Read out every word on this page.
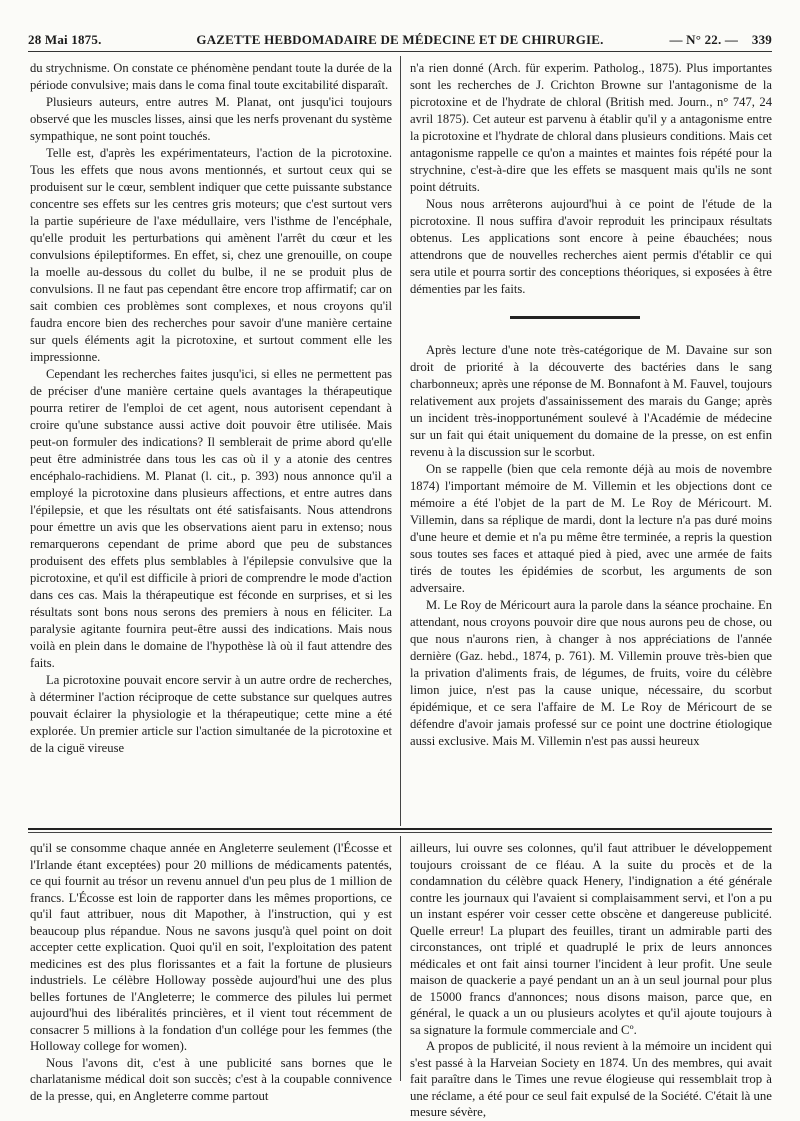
28 Mai 1875.	GAZETTE HEBDOMADAIRE DE MÉDECINE ET DE CHIRURGIE.	— N° 22. — 339

du strychnisme. On constate ce phénomène pendant toute la durée de la période convulsive; mais dans le coma final toute excitabilité disparaît.

Plusieurs auteurs, entre autres M. Planat, ont jusqu'ici toujours observé que les muscles lisses, ainsi que les nerfs provenant du système sympathique, ne sont point touchés.

Telle est, d'après les expérimentateurs, l'action de la picrotoxine. Tous les effets que nous avons mentionnés, et surtout ceux qui se produisent sur le cœur, semblent indiquer que cette puissante substance concentre ses effets sur les centres gris moteurs; que c'est surtout vers la partie supérieure de l'axe médullaire, vers l'isthme de l'encéphale, qu'elle produit les perturbations qui amènent l'arrêt du cœur et les convulsions épileptiformes. En effet, si, chez une grenouille, on coupe la moelle au-dessous du collet du bulbe, il ne se produit plus de convulsions. Il ne faut pas cependant être encore trop affirmatif; car on sait combien ces problèmes sont complexes, et nous croyons qu'il faudra encore bien des recherches pour savoir d'une manière certaine sur quels éléments agit la picrotoxine, et surtout comment elle les impressionne.

Cependant les recherches faites jusqu'ici, si elles ne permettent pas de préciser d'une manière certaine quels avantages la thérapeutique pourra retirer de l'emploi de cet agent, nous autorisent cependant à croire qu'une substance aussi active doit pouvoir être utilisée. Mais peut-on formuler des indications? Il semblerait de prime abord qu'elle peut être administrée dans tous les cas où il y a atonie des centres encéphalo-rachidiens. M. Planat (l. cit., p. 393) nous annonce qu'il a employé la picrotoxine dans plusieurs affections, et entre autres dans l'épilepsie, et que les résultats ont été satisfaisants. Nous attendrons pour émettre un avis que les observations aient paru in extenso; nous remarquerons cependant de prime abord que peu de substances produisent des effets plus semblables à l'épilepsie convulsive que la picrotoxine, et qu'il est difficile à priori de comprendre le mode d'action dans ces cas. Mais la thérapeutique est féconde en surprises, et si les résultats sont bons nous serons des premiers à nous en féliciter. La paralysie agitante fournira peut-être aussi des indications. Mais nous voilà en plein dans le domaine de l'hypothèse là où il faut attendre des faits.

La picrotoxine pouvait encore servir à un autre ordre de recherches, à déterminer l'action réciproque de cette substance sur quelques autres pouvait éclairer la physiologie et la thérapeutique; cette mine a été explorée. Un premier article sur l'action simultanée de la picrotoxine et de la ciguë vireuse

n'a rien donné (Arch. für experim. Patholog., 1875). Plus importantes sont les recherches de J. Crichton Browne sur l'antagonisme de la picrotoxine et de l'hydrate de chloral (British med. Journ., n° 747, 24 avril 1875). Cet auteur est parvenu à établir qu'il y a antagonisme entre la picrotoxine et l'hydrate de chloral dans plusieurs conditions. Mais cet antagonisme rappelle ce qu'on a maintes et maintes fois répété pour la strychnine, c'est-à-dire que les effets se masquent mais qu'ils ne sont point détruits.

Nous nous arrêterons aujourd'hui à ce point de l'étude de la picrotoxine. Il nous suffira d'avoir reproduit les principaux résultats obtenus. Les applications sont encore à peine ébauchées; nous attendrons que de nouvelles recherches aient permis d'établir ce qui sera utile et pourra sortir des conceptions théoriques, si exposées à être démenties par les faits.

Après lecture d'une note très-catégorique de M. Davaine sur son droit de priorité à la découverte des bactéries dans le sang charbonneux; après une réponse de M. Bonnafont à M. Fauvel, toujours relativement aux projets d'assainissement des marais du Gange; après un incident très-inopportunément soulevé à l'Académie de médecine sur un fait qui était uniquement du domaine de la presse, on est enfin revenu à la discussion sur le scorbut.

On se rappelle (bien que cela remonte déjà au mois de novembre 1874) l'important mémoire de M. Villemin et les objections dont ce mémoire a été l'objet de la part de M. Le Roy de Méricourt. M. Villemin, dans sa réplique de mardi, dont la lecture n'a pas duré moins d'une heure et demie et n'a pu même être terminée, a repris la question sous toutes ses faces et attaqué pied à pied, avec une armée de faits tirés de toutes les épidémies de scorbut, les arguments de son adversaire.

M. Le Roy de Méricourt aura la parole dans la séance prochaine. En attendant, nous croyons pouvoir dire que nous aurons peu de chose, ou que nous n'aurons rien, à changer à nos appréciations de l'année dernière (Gaz. hebd., 1874, p. 761). M. Villemin prouve très-bien que la privation d'aliments frais, de légumes, de fruits, voire du célèbre limon juice, n'est pas la cause unique, nécessaire, du scorbut épidémique, et ce sera l'affaire de M. Le Roy de Méricourt de se défendre d'avoir jamais professé sur ce point une doctrine étiologique aussi exclusive. Mais M. Villemin n'est pas aussi heureux

qu'il se consomme chaque année en Angleterre seulement (l'Écosse et l'Irlande étant exceptées) pour 20 millions de médicaments patentés, ce qui fournit au trésor un revenu annuel d'un peu plus de 1 million de francs. L'Écosse est loin de rapporter dans les mêmes proportions, ce qu'il faut attribuer, nous dit Mapother, à l'instruction, qui y est beaucoup plus répandue. Nous ne savons jusqu'à quel point on doit accepter cette explication. Quoi qu'il en soit, l'exploitation des patent medicines est des plus florissantes et a fait la fortune de plusieurs industriels. Le célèbre Holloway possède aujourd'hui une des plus belles fortunes de l'Angleterre; le commerce des pilules lui permet aujourd'hui des libéralités princières, et il vient tout récemment de consacrer 5 millions à la fondation d'un collége pour les femmes (the Holloway college for women).

Nous l'avons dit, c'est à une publicité sans bornes que le charlatanisme médical doit son succès; c'est à la coupable connivence de la presse, qui, en Angleterre comme partout

ailleurs, lui ouvre ses colonnes, qu'il faut attribuer le développement toujours croissant de ce fléau. A la suite du procès et de la condamnation du célèbre quack Henery, l'indignation a été générale contre les journaux qui l'avaient si complaisamment servi, et l'on a pu un instant espérer voir cesser cette obscène et dangereuse publicité. Quelle erreur! La plupart des feuilles, tirant un admirable parti des circonstances, ont triplé et quadruplé le prix de leurs annonces médicales et ont fait ainsi tourner l'incident à leur profit. Une seule maison de quackerie a payé pendant un an à un seul journal pour plus de 15000 francs d'annonces; nous disons maison, parce que, en général, le quack a un ou plusieurs acolytes et qu'il ajoute toujours à sa signature la formule commerciale and Cº.

A propos de publicité, il nous revient à la mémoire un incident qui s'est passé à la Harveian Society en 1874. Un des membres, qui avait fait paraître dans le Times une revue élogieuse qui ressemblait trop à une réclame, a été pour ce seul fait expulsé de la Société. C'était là une mesure sévère,
